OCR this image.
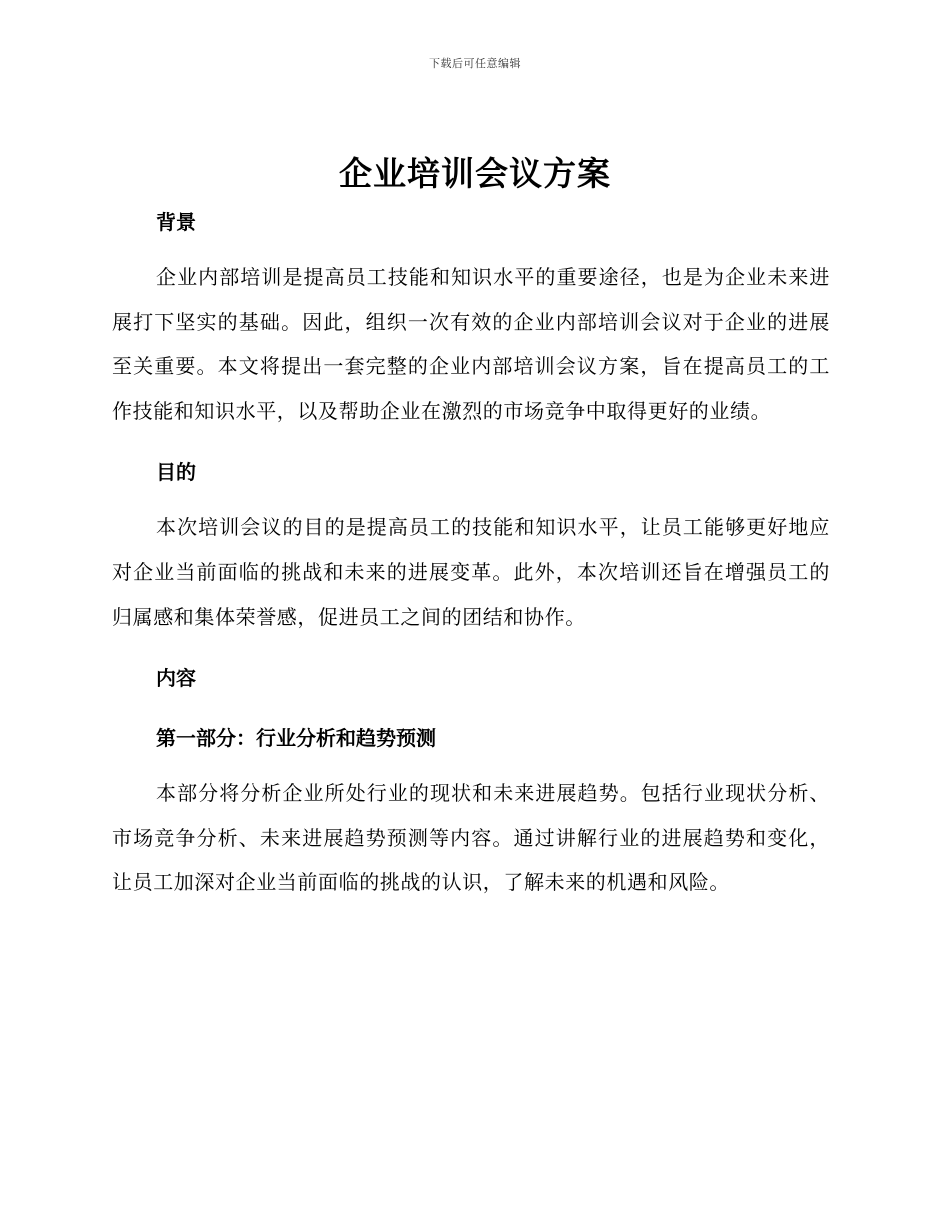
下载后可任意编辑
企业培训会议方案
背景

企业内部培训是提高员工技能和知识水平的重要途径，也是为企业未来进展打下坚实的基础。因此，组织一次有效的企业内部培训会议对于企业的进展至关重要。本文将提出一套完整的企业内部培训会议方案，旨在提高员工的工作技能和知识水平，以及帮助企业在激烈的市场竞争中取得更好的业绩。

目的

本次培训会议的目的是提高员工的技能和知识水平，让员工能够更好地应对企业当前面临的挑战和未来的进展变革。此外，本次培训还旨在增强员工的归属感和集体荣誉感，促进员工之间的团结和协作。

内容
第一部分：行业分析和趋势预测

本部分将分析企业所处行业的现状和未来进展趋势。包括行业现状分析、市场竞争分析、未来进展趋势预测等内容。通过讲解行业的进展趋势和变化，让员工加深对企业当前面临的挑战的认识，了解未来的机遇和风险。
